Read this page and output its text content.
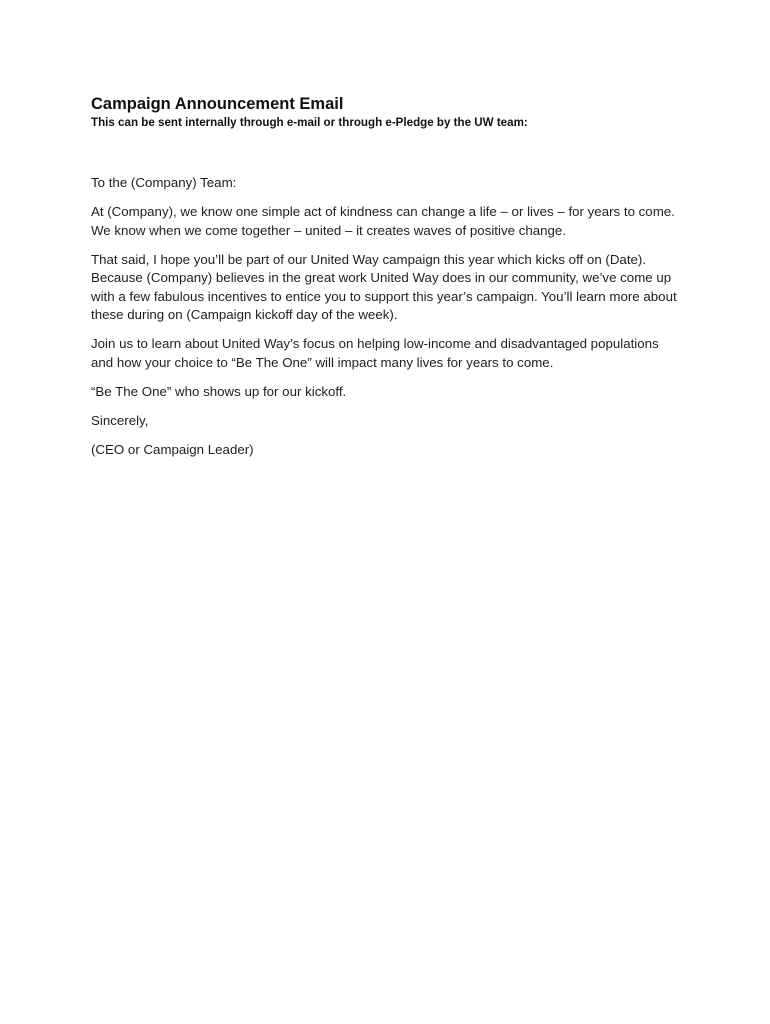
Campaign Announcement Email

This can be sent internally through e-mail or through e-Pledge by the UW team:

To the (Company) Team:

At (Company), we know one simple act of kindness can change a life – or lives – for years to come. We know when we come together – united – it creates waves of positive change.

That said, I hope you’ll be part of our United Way campaign this year which kicks off on (Date). Because (Company) believes in the great work United Way does in our community, we’ve come up with a few fabulous incentives to entice you to support this year’s campaign. You’ll learn more about these during on (Campaign kickoff day of the week).

Join us to learn about United Way’s focus on helping low-income and disadvantaged populations and how your choice to “Be The One” will impact many lives for years to come.

“Be The One” who shows up for our kickoff.

Sincerely,

(CEO or Campaign Leader)
